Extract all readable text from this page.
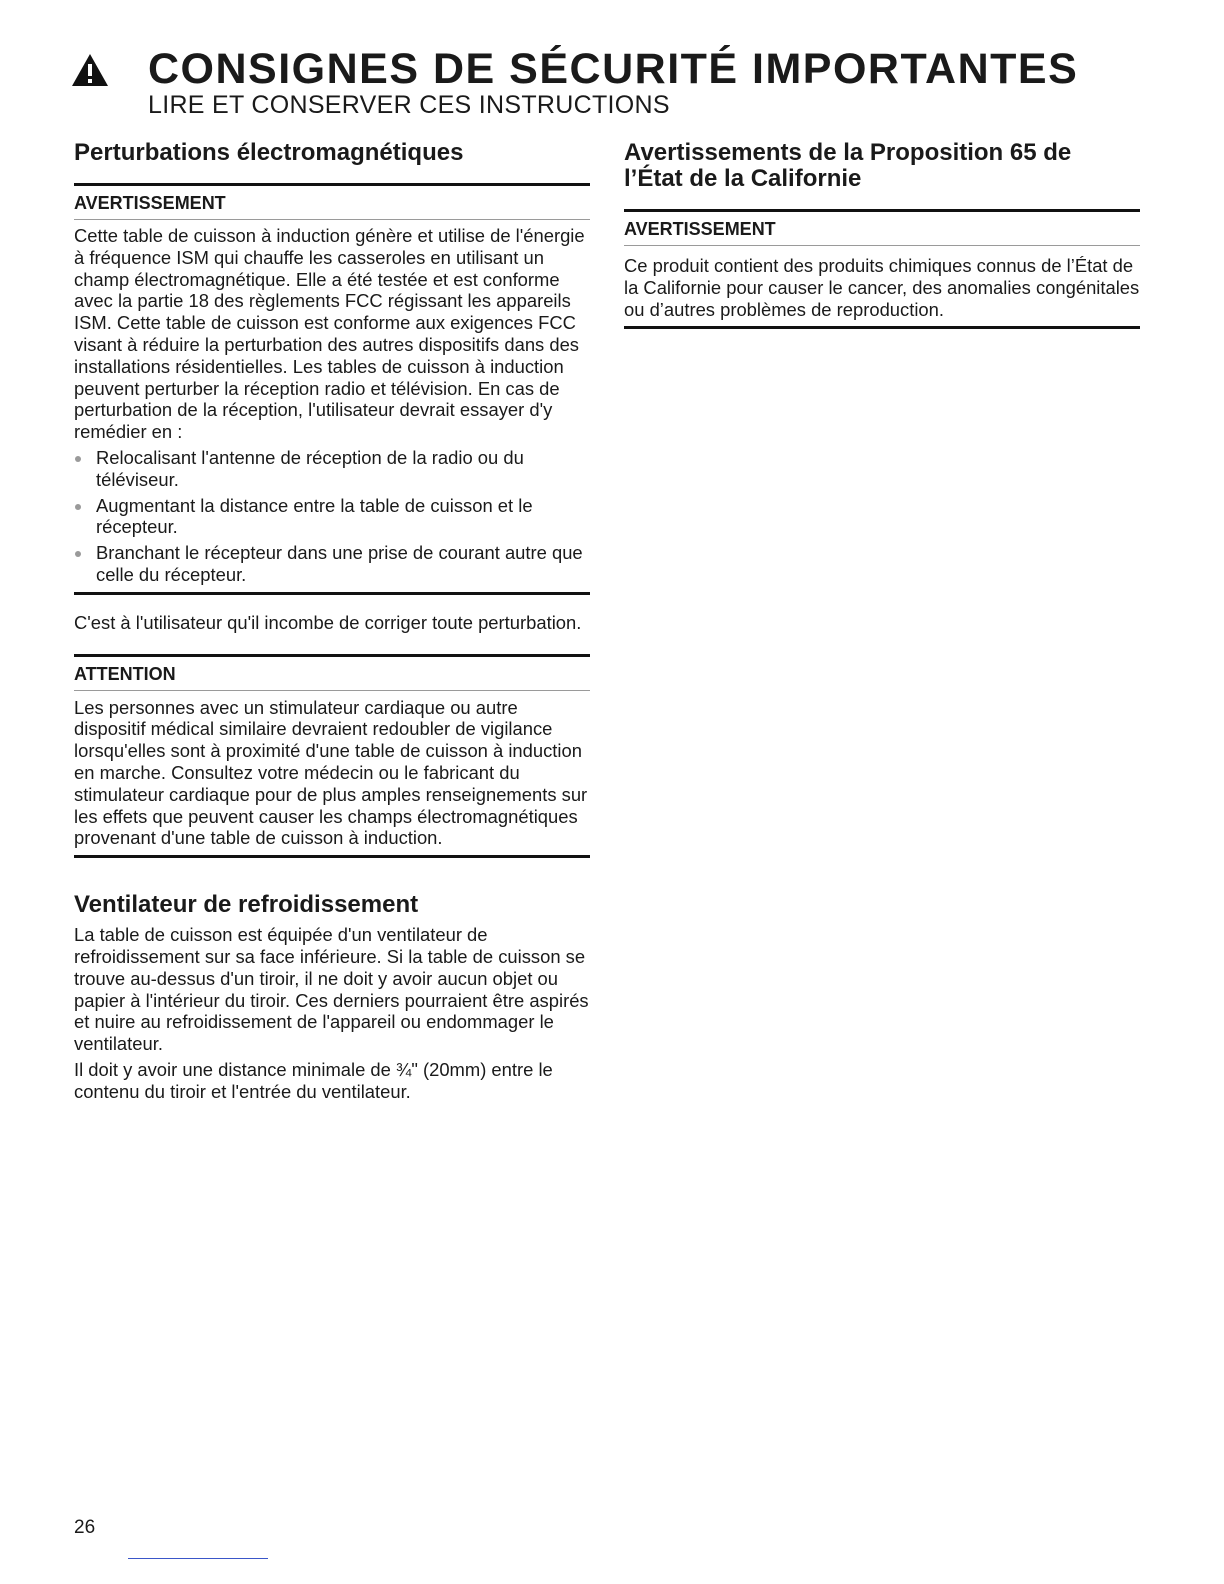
CONSIGNES DE SÉCURITÉ IMPORTANTES
LIRE ET CONSERVER CES INSTRUCTIONS
Perturbations électromagnétiques
AVERTISSEMENT

Cette table de cuisson à induction génère et utilise de l'énergie à fréquence ISM qui chauffe les casseroles en utilisant un champ électromagnétique. Elle a été testée et est conforme avec la partie 18 des règlements FCC régissant les appareils ISM. Cette table de cuisson est conforme aux exigences FCC visant à réduire la perturbation des autres dispositifs dans des installations résidentielles. Les tables de cuisson à induction peuvent perturber la réception radio et télévision. En cas de perturbation de la réception, l'utilisateur devrait essayer d'y remédier en :

Relocalisant l'antenne de réception de la radio ou du téléviseur.
Augmentant la distance entre la table de cuisson et le récepteur.
Branchant le récepteur dans une prise de courant autre que celle du récepteur.

C'est à l'utilisateur qu'il incombe de corriger toute perturbation.

ATTENTION

Les personnes avec un stimulateur cardiaque ou autre dispositif médical similaire devraient redoubler de vigilance lorsqu'elles sont à proximité d'une table de cuisson à induction en marche. Consultez votre médecin ou le fabricant du stimulateur cardiaque pour de plus amples renseignements sur les effets que peuvent causer les champs électromagnétiques provenant d'une table de cuisson à induction.

Ventilateur de refroidissement

La table de cuisson est équipée d'un ventilateur de refroidissement sur sa face inférieure. Si la table de cuisson se trouve au-dessus d'un tiroir, il ne doit y avoir aucun objet ou papier à l'intérieur du tiroir. Ces derniers pourraient être aspirés et nuire au refroidissement de l'appareil ou endommager le ventilateur.

Il doit y avoir une distance minimale de ¾" (20mm) entre le contenu du tiroir et l'entrée du ventilateur.

Avertissements de la Proposition 65 de l’État de la Californie
AVERTISSEMENT

Ce produit contient des produits chimiques connus de l’État de la Californie pour causer le cancer, des anomalies congénitales ou d’autres problèmes de reproduction.

26
